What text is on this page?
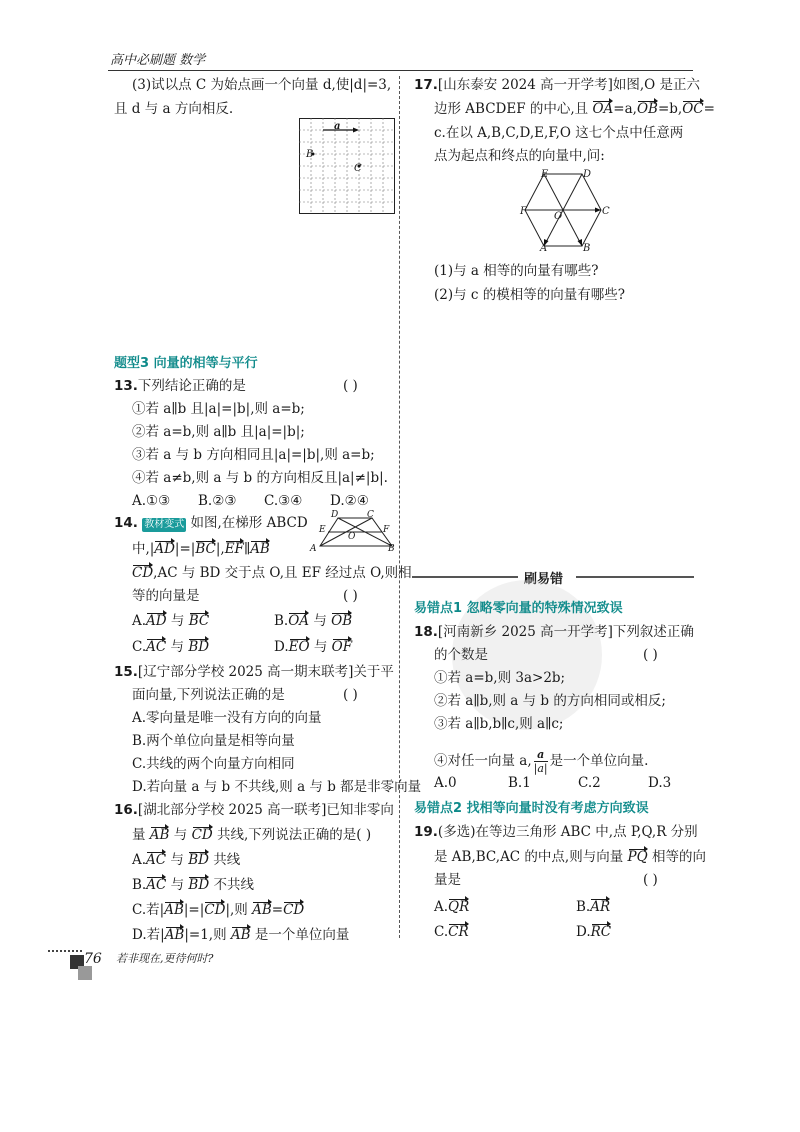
高中必刷题 数学
(3)试以点 C 为始点画一个向量 d,使|d|=3,
且 d 与 a 方向相反.
a
B
C
题型3 向量的相等与平行
13.下列结论正确的是	( )
①若 a∥b 且|a|=|b|,则 a=b;
②若 a=b,则 a∥b 且|a|=|b|;
③若 a 与 b 方向相同且|a|=|b|,则 a=b;
④若 a≠b,则 a 与 b 的方向相反且|a|≠|b|.
A.①③ B.②③ C.③④ D.②④
14. 教材变式 如图,在梯形 ABCD	D	C
E	F
O
A	B
中,|AD|=|BC|,EF∥AB
CD,AC 与 BD 交于点 O,且 EF 经过点 O,则相
等的向量是	( )
A.AD 与 BC	B.OA 与 OB
C.AC 与 BD	D.EO 与 OF
15.[辽宁部分学校 2025 高一期末联考]关于平
面向量,下列说法正确的是	( )
A.零向量是唯一没有方向的向量
B.两个单位向量是相等向量
C.共线的两个向量方向相同
D.若向量 a 与 b 不共线,则 a 与 b 都是非零向量
16.[湖北部分学校 2025 高一联考]已知非零向
量 AB 与 CD 共线,下列说法正确的是( )
A.AC 与 BD 共线
B.AC 与 BD 不共线
C.若|AB|=|CD|,则 AB=CD
D.若|AB|=1,则 AB 是一个单位向量
76	若非现在,更待何时?
17.[山东泰安 2024 高一开学考]如图,O 是正六
边形 ABCDEF 的中心,且 OA=a,OB=b,OC=
c.在以 A,B,C,D,E,F,O 这七个点中任意两
点为起点和终点的向量中,问:
E	D
F	O	C
A	B
(1)与 a 相等的向量有哪些?
(2)与 c 的模相等的向量有哪些?
刷易错
易错点1 忽略零向量的特殊情况致误
18.[河南新乡 2025 高一开学考]下列叙述正确
的个数是	( )
①若 a=b,则 3a>2b;
②若 a∥b,则 a 与 b 的方向相同或相反;
③若 a∥b,b∥c,则 a∥c;
④对任一向量 a, $\frac{a}{|a|}$ 是一个单位向量.
A.0	B.1	C.2	D.3
易错点2 找相等向量时没有考虑方向致误
19.(多选)在等边三角形 ABC 中,点 P,Q,R 分别
是 AB,BC,AC 的中点,则与向量 PQ 相等的向
量是	( )
A.QR	B.AR
C.CR	D.RC
